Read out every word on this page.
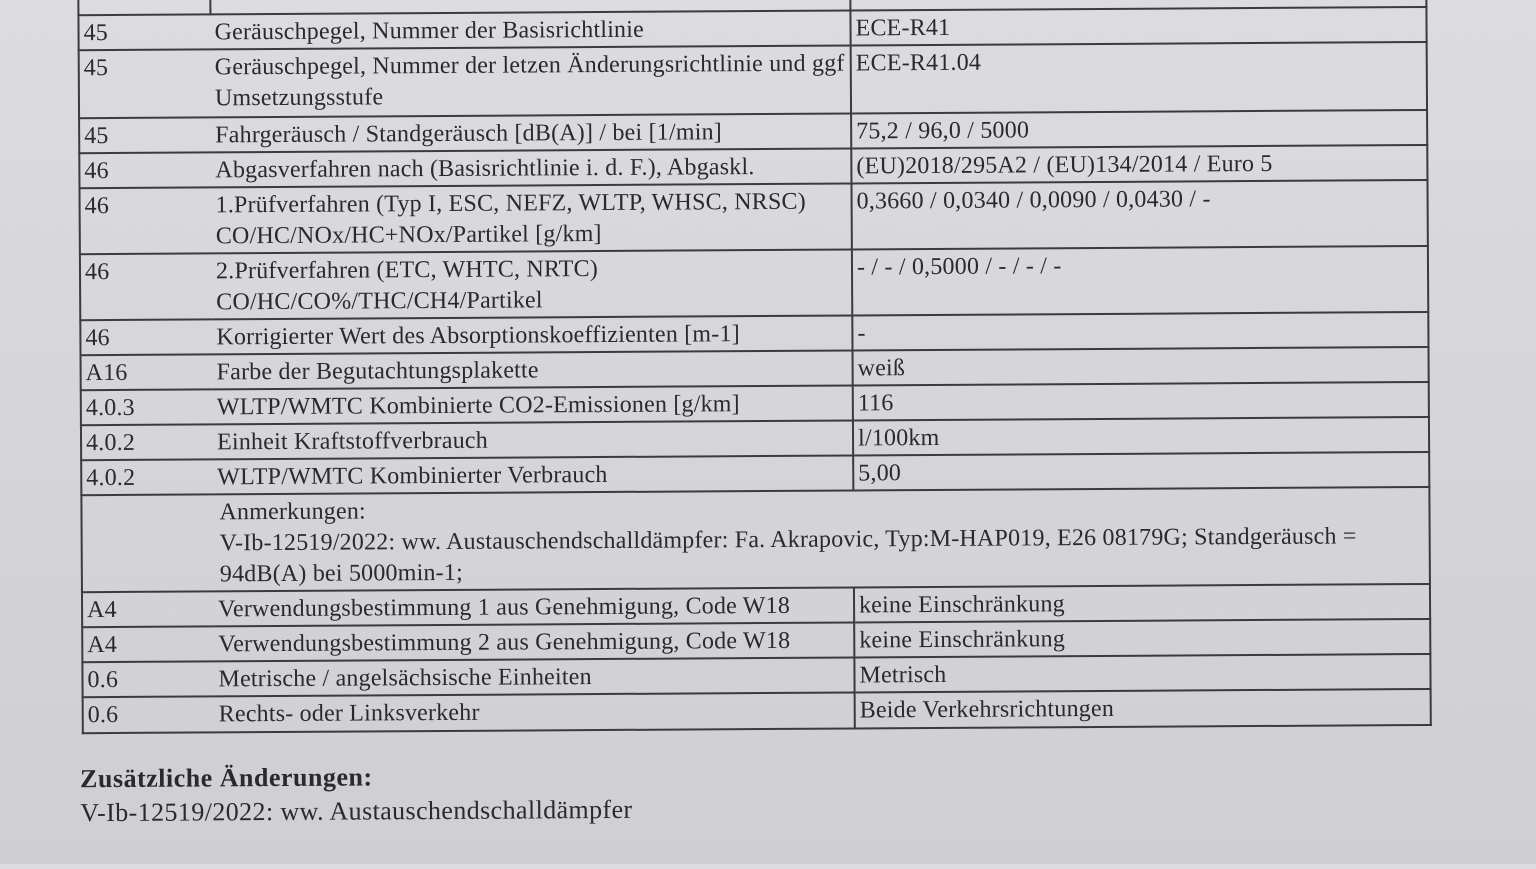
45	Geräuschpegel, Nummer der Basisrichtlinie	ECE-R41
45	Geräuschpegel, Nummer der letzen Änderungsrichtlinie und ggf Umsetzungsstufe	ECE-R41.04
45	Fahrgeräusch / Standgeräusch [dB(A)] / bei [1/min]	75,2 / 96,0 / 5000
46	Abgasverfahren nach (Basisrichtlinie i. d. F.), Abgaskl.	(EU)2018/295A2 / (EU)134/2014 / Euro 5
46	1.Prüfverfahren (Typ I, ESC, NEFZ, WLTP, WHSC, NRSC) CO/HC/NOx/HC+NOx/Partikel [g/km]	0,3660 / 0,0340 / 0,0090 / 0,0430 / -
46	2.Prüfverfahren (ETC, WHTC, NRTC) CO/HC/CO%/THC/CH4/Partikel	- / - / 0,5000 / - / - / -
46	Korrigierter Wert des Absorptionskoeffizienten [m-1]	-
A16	Farbe der Begutachtungsplakette	weiß
4.0.3	WLTP/WMTC Kombinierte CO2-Emissionen [g/km]	116
4.0.2	Einheit Kraftstoffverbrauch	l/100km
4.0.2	WLTP/WMTC Kombinierter Verbrauch	5,00

Anmerkungen:
V-Ib-12519/2022: ww. Austauschendschalldämpfer: Fa. Akrapovic, Typ:M-HAP019, E26 08179G; Standgeräusch = 94dB(A) bei 5000min-1;		

A4	Verwendungsbestimmung 1 aus Genehmigung, Code W18	keine Einschränkung
A4	Verwendungsbestimmung 2 aus Genehmigung, Code W18	keine Einschränkung
0.6	Metrische / angelsächsische Einheiten	Metrisch
0.6	Rechts- oder Linksverkehr	Beide Verkehrsrichtungen
Zusätzliche Änderungen:
V-Ib-12519/2022: ww. Austauschendschalldämpfer
